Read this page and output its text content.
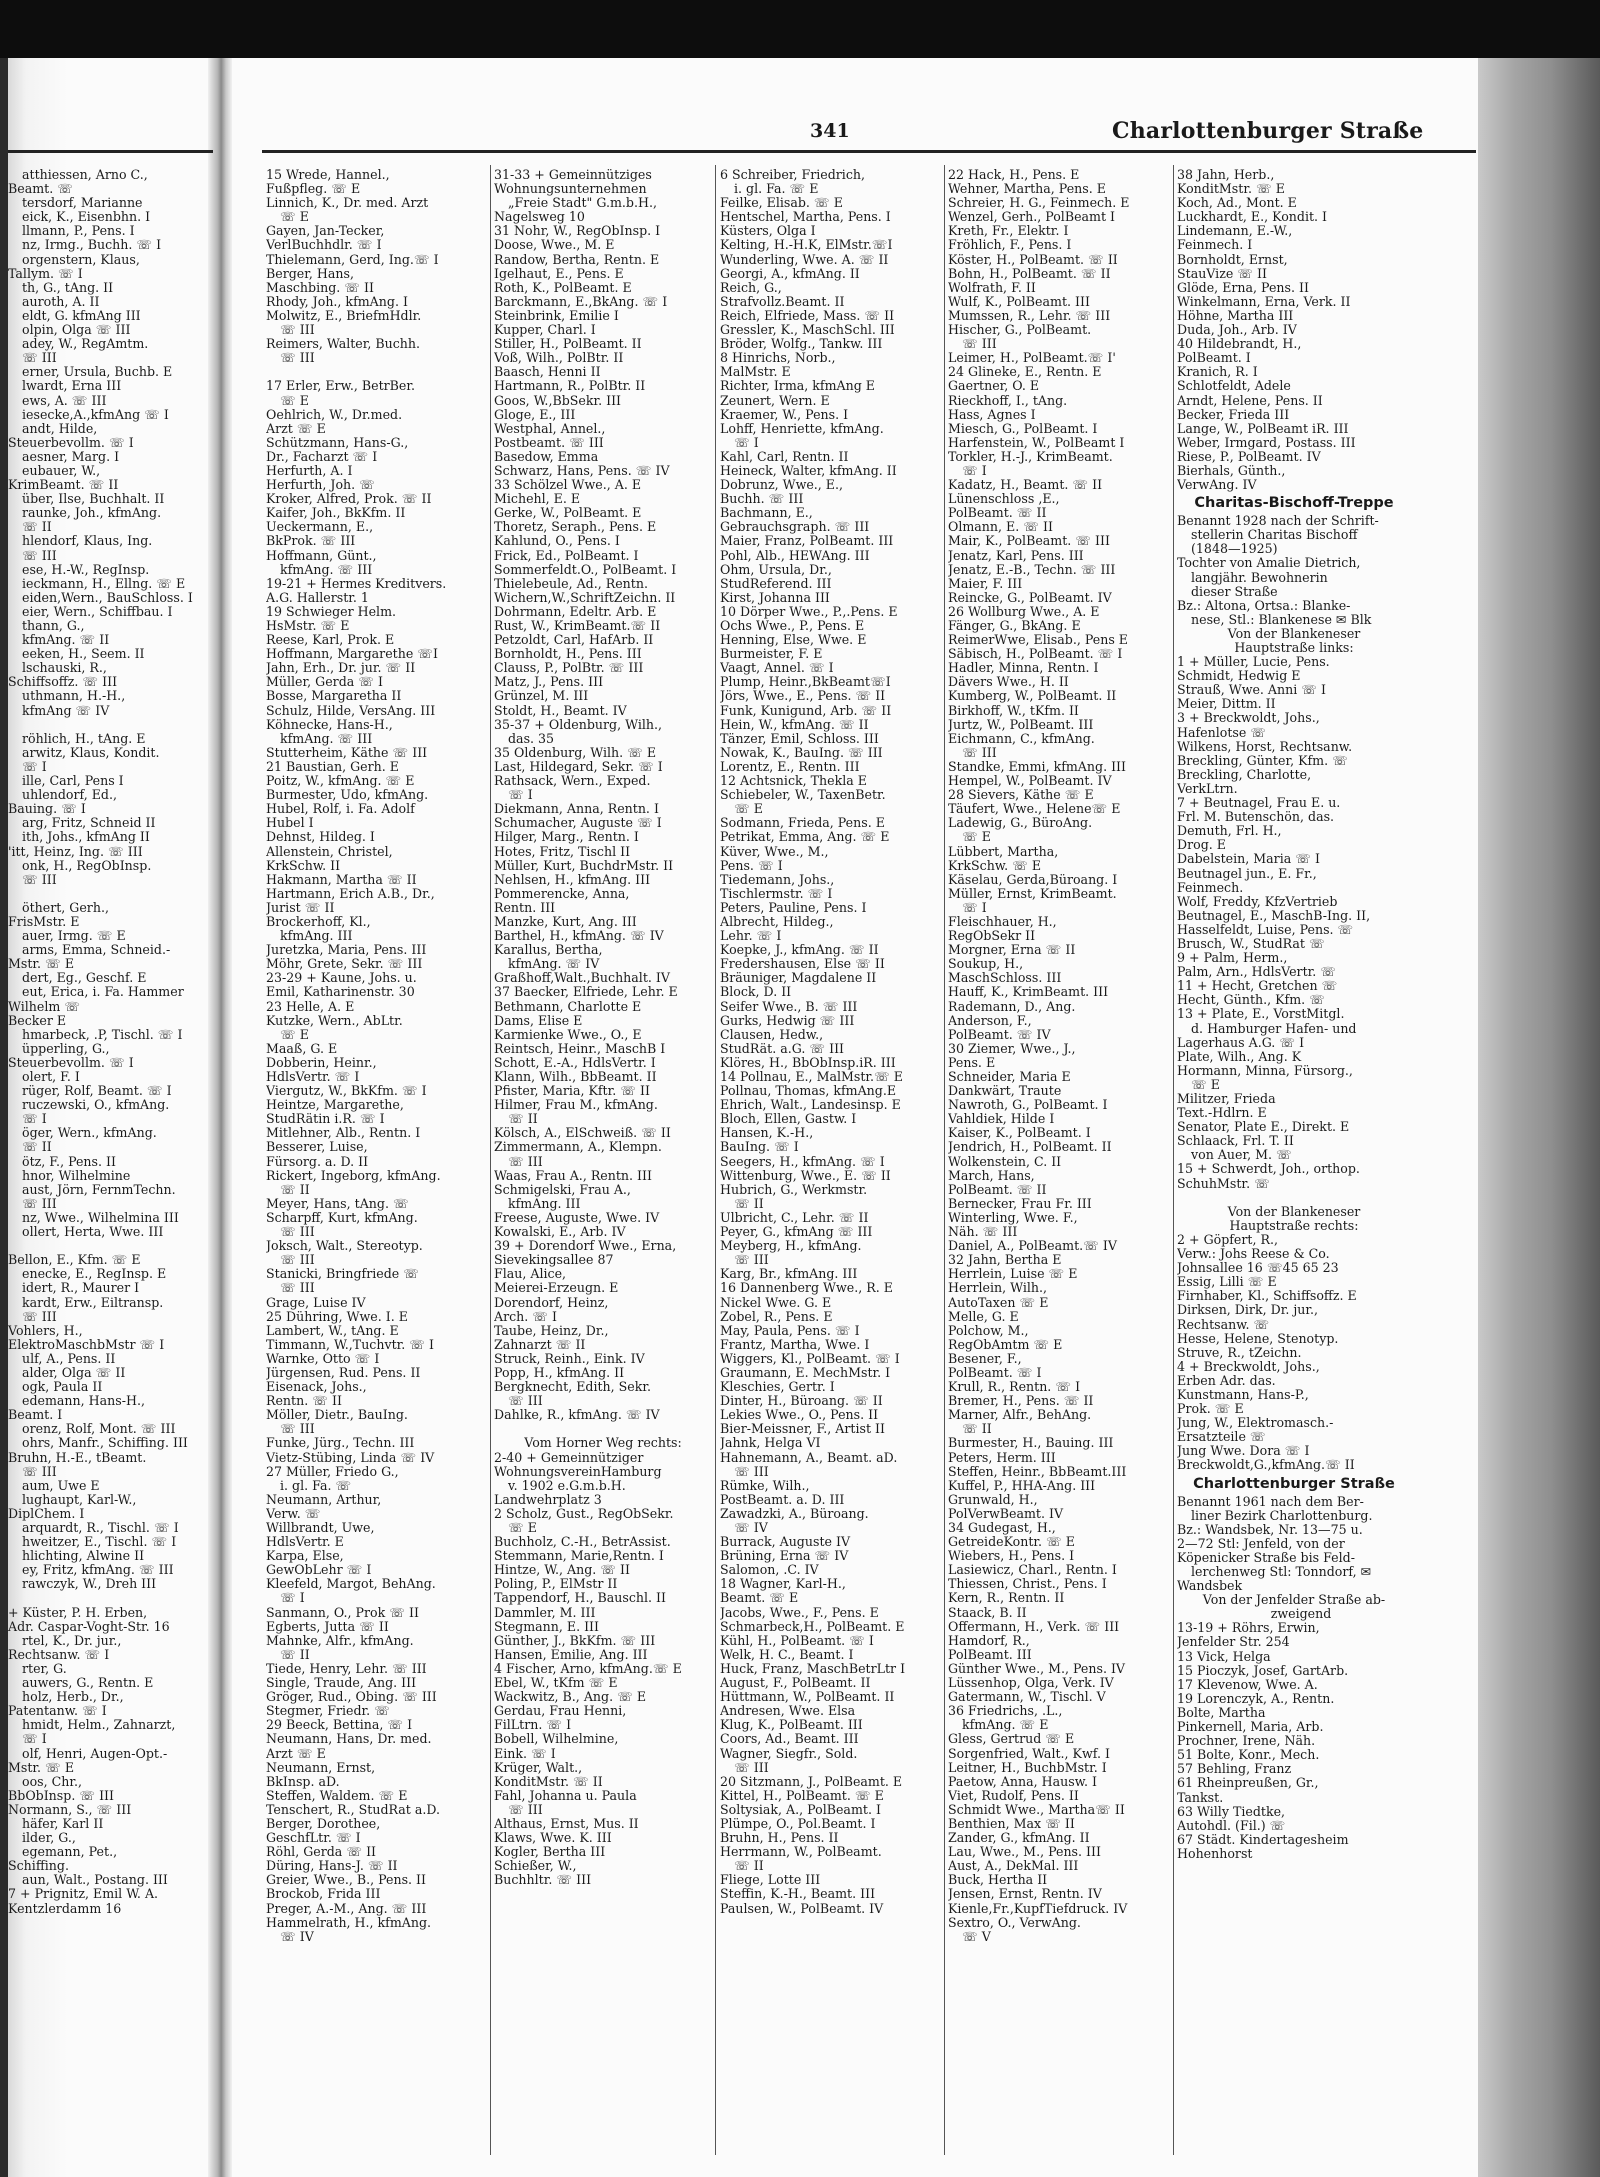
341	Charlottenburger Straße
atthiessen, Arno C.,
Beamt. ☏
tersdorf, Marianne
eick, K., Eisenbhn. I
llmann, P., Pens. I
nz, Irmg., Buchh. ☏ I
orgenstern, Klaus,
Tallym. ☏ I
th, G., tAng. II
auroth, A. II
eldt, G. kfmAng III
olpin, Olga ☏ III
adey, W., RegAmtm.
☏ III
erner, Ursula, Buchb. E
lwardt, Erna III
ews, A. ☏ III
iesecke,A.,kfmAng ☏ I
andt, Hilde,
Steuerbevollm. ☏ I
aesner, Marg. I
eubauer, W.,
KrimBeamt. ☏ II
über, Ilse, Buchhalt. II
raunke, Joh., kfmAng.
☏ II
hlendorf, Klaus, Ing.
☏ III
ese, H.-W., RegInsp.
ieckmann, H., Ellng. ☏ E
eiden,Wern., BauSchloss. I
eier, Wern., Schiffbau. I
thann, G.,
kfmAng. ☏ II
eeken, H., Seem. II
lschauski, R.,
Schiffsoffz. ☏ III
uthmann, H.-H.,
kfmAng ☏ IV
röhlich, H., tAng. E
arwitz, Klaus, Kondit.
☏ I
ille, Carl, Pens I
uhlendorf, Ed.,
Bauing. ☏ I
arg, Fritz, Schneid II
ith, Johs., kfmAng II
'itt, Heinz, Ing. ☏ III
onk, H., RegObInsp.
☏ III
öthert, Gerh.,
FrisMstr. E
auer, Irmg. ☏ E
arms, Emma, Schneid.-
Mstr. ☏ E
dert, Eg., Geschf. E
eut, Erica, i. Fa. Hammer
Wilhelm ☏
Becker E
hmarbeck, .P, Tischl. ☏ I
üpperling, G.,
Steuerbevollm. ☏ I
olert, F. I
rüger, Rolf, Beamt. ☏ I
ruczewski, O., kfmAng.
☏ I
öger, Wern., kfmAng.
☏ II
ötz, F., Pens. II
hnor, Wilhelmine
aust, Jörn, FernmTechn.
☏ III
nz, Wwe., Wilhelmina III
ollert, Herta, Wwe. III
Bellon, E., Kfm. ☏ E
enecke, E., RegInsp. E
idert, R., Maurer I
kardt, Erw., Eiltransp.
☏ III
Vohlers, H.,
ElektroMaschbMstr ☏ I
ulf, A., Pens. II
alder, Olga ☏ II
ogk, Paula II
edemann, Hans-H.,
Beamt. I
orenz, Rolf, Mont. ☏ III
ohrs, Manfr., Schiffing. III
Bruhn, H.-E., tBeamt.
☏ III
aum, Uwe E
lughaupt, Karl-W.,
DiplChem. I
arquardt, R., Tischl. ☏ I
hweitzer, E., Tischl. ☏ I
hlichting, Alwine II
ey, Fritz, kfmAng. ☏ III
rawczyk, W., Dreh III
+ Küster, P. H. Erben,
Adr. Caspar-Voght-Str. 16
rtel, K., Dr. jur.,
Rechtsanw. ☏ I
rter, G.
auwers, G., Rentn. E
holz, Herb., Dr.,
Patentanw. ☏ I
hmidt, Helm., Zahnarzt,
☏ I
olf, Henri, Augen-Opt.-
Mstr. ☏ E
oos, Chr.,
BbObInsp. ☏ III
Normann, S., ☏ III
häfer, Karl II
ilder, G.,
egemann, Pet.,
Schiffing.
aun, Walt., Postang. III
7 + Prignitz, Emil W. A.
Kentzlerdamm 16
15 Wrede, Hannel.,
Fußpfleg. ☏ E
Linnich, K., Dr. med. Arzt
☏ E
Gayen, Jan-Tecker,
VerlBuchhdlr. ☏ I
Thielemann, Gerd, Ing.☏ I
Berger, Hans,
Maschbing. ☏ II
Rhody, Joh., kfmAng. I
Molwitz, E., BriefmHdlr.
☏ III
Reimers, Walter, Buchh.
☏ III
17 Erler, Erw., BetrBer.
☏ E
Oehlrich, W., Dr.med.
Arzt ☏ E
Schützmann, Hans-G.,
Dr., Facharzt ☏ I
Herfurth, A. I
Herfurth, Joh. ☏
Kroker, Alfred, Prok. ☏ II
Kaifer, Joh., BkKfm. II
Ueckermann, E.,
BkProk. ☏ III
Hoffmann, Günt.,
kfmAng. ☏ III
19-21 + Hermes Kreditvers.
A.G. Hallerstr. 1
19 Schwieger Helm.
HsMstr. ☏ E
Reese, Karl, Prok. E
Hoffmann, Margarethe ☏I
Jahn, Erh., Dr. jur. ☏ II
Müller, Gerda ☏ I
Bosse, Margaretha II
Schulz, Hilde, VersAng. III
Köhnecke, Hans-H.,
kfmAng. ☏ III
Stutterheim, Käthe ☏ III
21 Baustian, Gerh. E
Poitz, W., kfmAng. ☏ E
Burmester, Udo, kfmAng.
Hubel, Rolf, i. Fa. Adolf
Hubel I
Dehnst, Hildeg. I
Allenstein, Christel,
KrkSchw. II
Hakmann, Martha ☏ II
Hartmann, Erich A.B., Dr.,
Jurist ☏ II
Brockerhoff, Kl.,
kfmAng. III
Juretzka, Maria, Pens. III
Möhr, Grete, Sekr. ☏ III
23-29 + Kaune, Johs. u.
Emil, Katharinenstr. 30
23 Helle, A. E
Kutzke, Wern., AbLtr.
☏ E
Maaß, G. E
Dobberin, Heinr.,
HdlsVertr. ☏ I
Viergutz, W., BkKfm. ☏ I
Heintze, Margarethe,
StudRätin i.R. ☏ I
Mitlehner, Alb., Rentn. I
Besserer, Luise,
Fürsorg. a. D. II
Rickert, Ingeborg, kfmAng.
☏ II
Meyer, Hans, tAng. ☏
Scharpff, Kurt, kfmAng.
☏ III
Joksch, Walt., Stereotyp.
☏ III
Stanicki, Bringfriede ☏
☏ III
Grage, Luise IV
25 Dühring, Wwe. I. E
Lambert, W., tAng. E
Timmann, W.,Tuchvtr. ☏ I
Warnke, Otto ☏ I
Jürgensen, Rud. Pens. II
Eisenack, Johs.,
Rentn. ☏ II
Möller, Dietr., BauIng.
☏ III
Funke, Jürg., Techn. III
Vietz-Stübing, Linda ☏ IV
27 Müller, Friedo G.,
i. gl. Fa. ☏
Neumann, Arthur,
Verw. ☏
Willbrandt, Uwe,
HdlsVertr. E
Karpa, Else,
GewObLehr ☏ I
Kleefeld, Margot, BehAng.
☏ I
Sanmann, O., Prok ☏ II
Egberts, Jutta ☏ II
Mahnke, Alfr., kfmAng.
☏ II
Tiede, Henry, Lehr. ☏ III
Single, Traude, Ang. III
Gröger, Rud., Obing. ☏ III
Stegmer, Friedr. ☏
29 Beeck, Bettina, ☏ I
Neumann, Hans, Dr. med.
Arzt ☏ E
Neumann, Ernst,
BkInsp. aD.
Steffen, Waldem. ☏ E
Tenschert, R., StudRat a.D.
Berger, Dorothee,
GeschfLtr. ☏ I
Röhl, Gerda ☏ II
Düring, Hans-J. ☏ II
Greier, Wwe., B., Pens. II
Brockob, Frida III
Preger, A.-M., Ang. ☏ III
Hammelrath, H., kfmAng.
☏ IV
31-33 + Gemeinnütziges
Wohnungsunternehmen
„Freie Stadt" G.m.b.H.,
Nagelsweg 10
31 Nohr, W., RegObInsp. I
Doose, Wwe., M. E
Randow, Bertha, Rentn. E
Igelhaut, E., Pens. E
Roth, K., PolBeamt. E
Barckmann, E.,BkAng. ☏ I
Steinbrink, Emilie I
Kupper, Charl. I
Stiller, H., PolBeamt. II
Voß, Wilh., PolBtr. II
Baasch, Henni II
Hartmann, R., PolBtr. II
Goos, W.,BbSekr. III
Gloge, E., III
Westphal, Annel.,
Postbeamt. ☏ III
Basedow, Emma
Schwarz, Hans, Pens. ☏ IV
33 Schölzel Wwe., A. E
Michehl, E. E
Gerke, W., PolBeamt. E
Thoretz, Seraph., Pens. E
Kahlund, O., Pens. I
Frick, Ed., PolBeamt. I
Sommerfeldt.O., PolBeamt. I
Thielebeule, Ad., Rentn.
Wichern,W.,SchriftZeichn. II
Dohrmann, Edeltr. Arb. E
Rust, W., KrimBeamt.☏ II
Petzoldt, Carl, HafArb. II
Bornholdt, H., Pens. III
Clauss, P., PolBtr. ☏ III
Matz, J., Pens. III
Grünzel, M. III
Stoldt, H., Beamt. IV
35-37 + Oldenburg, Wilh.,
das. 35
35 Oldenburg, Wilh. ☏ E
Last, Hildegard, Sekr. ☏ I
Rathsack, Wern., Exped.
☏ I
Diekmann, Anna, Rentn. I
Schumacher, Auguste ☏ I
Hilger, Marg., Rentn. I
Hotes, Fritz, Tischl II
Müller, Kurt, BuchdrMstr. II
Nehlsen, H., kfmAng. III
Pommerencke, Anna,
Rentn. III
Manzke, Kurt, Ang. III
Barthel, H., kfmAng. ☏ IV
Karallus, Bertha,
kfmAng. ☏ IV
Graßhoff,Walt.,Buchhalt. IV
37 Baecker, Elfriede, Lehr. E
Bethmann, Charlotte E
Dams, Elise E
Karmienke Wwe., O., E
Reintsch, Heinr., MaschB I
Schott, E.-A., HdlsVertr. I
Klann, Wilh., BbBeamt. II
Pfister, Maria, Kftr. ☏ II
Hilmer, Frau M., kfmAng.
☏ II
Kölsch, A., ElSchweiß. ☏ II
Zimmermann, A., Klempn.
☏ III
Waas, Frau A., Rentn. III
Schmigelski, Frau A.,
kfmAng. III
Freese, Auguste, Wwe. IV
Kowalski, E., Arb. IV
39 + Dorendorf Wwe., Erna,
Sievekingsallee 87
Flau, Alice,
Meierei-Erzeugn. E
Dorendorf, Heinz,
Arch. ☏ I
Taube, Heinz, Dr.,
Zahnarzt ☏ II
Struck, Reinh., Eink. IV
Popp, H., kfmAng. II
Bergknecht, Edith, Sekr.
☏ III
Dahlke, R., kfmAng. ☏ IV
Vom Horner Weg rechts:
2-40 + Gemeinnütziger
WohnungsvereinHamburg
v. 1902 e.G.m.b.H.
Landwehrplatz 3
2 Scholz, Gust., RegObSekr.
☏ E
Buchholz, C.-H., BetrAssist.
Stemmann, Marie,Rentn. I
Hintze, W., Ang. ☏ II
Poling, P., ElMstr II
Tappendorf, H., Bauschl. II
Dammler, M. III
Stegmann, E. III
Günther, J., BkKfm. ☏ III
Hansen, Emilie, Ang. III
4 Fischer, Arno, kfmAng.☏ E
Ebel, W., tKfm ☏ E
Wackwitz, B., Ang. ☏ E
Gerdau, Frau Henni,
FilLtrn. ☏ I
Bobell, Wilhelmine,
Eink. ☏ I
Krüger, Walt.,
KonditMstr. ☏ II
Fahl, Johanna u. Paula
☏ III
Althaus, Ernst, Mus. II
Klaws, Wwe. K. III
Kogler, Bertha III
Schießer, W.,
Buchhltr. ☏ III
6 Schreiber, Friedrich,
i. gl. Fa. ☏ E
Feilke, Elisab. ☏ E
Hentschel, Martha, Pens. I
Küsters, Olga I
Kelting, H.-H.K, ElMstr.☏I
Wunderling, Wwe. A. ☏ II
Georgi, A., kfmAng. II
Reich, G.,
Strafvollz.Beamt. II
Reich, Elfriede, Mass. ☏ II
Gressler, K., MaschSchl. III
Bröder, Wolfg., Tankw. III
8 Hinrichs, Norb.,
MalMstr. E
Richter, Irma, kfmAng E
Zeunert, Wern. E
Kraemer, W., Pens. I
Lohff, Henriette, kfmAng.
☏ I
Kahl, Carl, Rentn. II
Heineck, Walter, kfmAng. II
Dobrunz, Wwe., E.,
Buchh. ☏ III
Bachmann, E.,
Gebrauchsgraph. ☏ III
Maier, Franz, PolBeamt. III
Pohl, Alb., HEWAng. III
Ohm, Ursula, Dr.,
StudReferend. III
Kirst, Johanna III
10 Dörper Wwe., P.,.Pens. E
Ochs Wwe., P., Pens. E
Henning, Else, Wwe. E
Burmeister, F. E
Vaagt, Annel. ☏ I
Plump, Heinr.,BkBeamt☏I
Jörs, Wwe., E., Pens. ☏ II
Funk, Kunigund, Arb. ☏ II
Hein, W., kfmAng. ☏ II
Tänzer, Emil, Schloss. III
Nowak, K., BauIng. ☏ III
Lorentz, E., Rentn. III
12 Achtsnick, Thekla E
Schiebeler, W., TaxenBetr.
☏ E
Sodmann, Frieda, Pens. E
Petrikat, Emma, Ang. ☏ E
Küver, Wwe., M.,
Pens. ☏ I
Tiedemann, Johs.,
Tischlermstr. ☏ I
Peters, Pauline, Pens. I
Albrecht, Hildeg.,
Lehr. ☏ I
Koepke, J., kfmAng. ☏ II
Fredershausen, Else ☏ II
Bräuniger, Magdalene II
Block, D. II
Seifer Wwe., B. ☏ III
Gurks, Hedwig ☏ III
Clausen, Hedw.,
StudRät. a.G. ☏ III
Klöres, H., BbObInsp.iR. III
14 Pollnau, E., MalMstr.☏ E
Pollnau, Thomas, kfmAng.E
Ehrich, Walt., Landesinsp. E
Bloch, Ellen, Gastw. I
Hansen, K.-H.,
BauIng. ☏ I
Seegers, H., kfmAng. ☏ I
Wittenburg, Wwe., E. ☏ II
Hubrich, G., Werkmstr.
☏ II
Ulbricht, C., Lehr. ☏ II
Peyer, G., kfmAng ☏ III
Meyberg, H., kfmAng.
☏ III
Karg, Br., kfmAng. III
16 Dannenberg Wwe., R. E
Nickel Wwe. G. E
Zobel, R., Pens. E
May, Paula, Pens. ☏ I
Frantz, Martha, Wwe. I
Wiggers, Kl., PolBeamt. ☏ I
Graumann, E. MechMstr. I
Kleschies, Gertr. I
Dinter, H., Büroang. ☏ II
Lekies Wwe., O., Pens. II
Bier-Meissner, F., Artist II
Jahnk, Helga VI
Hahnemann, A., Beamt. aD.
☏ III
Rümke, Wilh.,
PostBeamt. a. D. III
Zawadzki, A., Büroang.
☏ IV
Burrack, Auguste IV
Brüning, Erna ☏ IV
Salomon, .C. IV
18 Wagner, Karl-H.,
Beamt. ☏ E
Jacobs, Wwe., F., Pens. E
Schmarbeck,H., PolBeamt. E
Kühl, H., PolBeamt. ☏ I
Welk, H. C., Beamt. I
Huck, Franz, MaschBetrLtr I
August, F., PolBeamt. II
Hüttmann, W., PolBeamt. II
Andresen, Wwe. Elsa
Klug, K., PolBeamt. III
Coors, Ad., Beamt. III
Wagner, Siegfr., Sold.
☏ III
20 Sitzmann, J., PolBeamt. E
Kittel, H., PolBeamt. ☏ E
Soltysiak, A., PolBeamt. I
Plümpe, O., Pol.Beamt. I
Bruhn, H., Pens. II
Herrmann, W., PolBeamt.
☏ II
Fliege, Lotte III
Steffin, K.-H., Beamt. III
Paulsen, W., PolBeamt. IV
22 Hack, H., Pens. E
Wehner, Martha, Pens. E
Schreier, H. G., Feinmech. E
Wenzel, Gerh., PolBeamt I
Kreth, Fr., Elektr. I
Fröhlich, F., Pens. I
Köster, H., PolBeamt. ☏ II
Bohn, H., PolBeamt. ☏ II
Wolfrath, F. II
Wulf, K., PolBeamt. III
Mumssen, R., Lehr. ☏ III
Hischer, G., PolBeamt.
☏ III
Leimer, H., PolBeamt.☏ I'
24 Glineke, E., Rentn. E
Gaertner, O. E
Rieckhoff, I., tAng.
Hass, Agnes I
Miesch, G., PolBeamt. I
Harfenstein, W., PolBeamt I
Torkler, H.-J., KrimBeamt.
☏ I
Kadatz, H., Beamt. ☏ II
Lünenschloss ,E.,
PolBeamt. ☏ II
Olmann, E. ☏ II
Mair, K., PolBeamt. ☏ III
Jenatz, Karl, Pens. III
Jenatz, E.-B., Techn. ☏ III
Maier, F. III
Reincke, G., PolBeamt. IV
26 Wollburg Wwe., A. E
Fänger, G., BkAng. E
ReimerWwe, Elisab., Pens E
Säbisch, H., PolBeamt. ☏ I
Hadler, Minna, Rentn. I
Dävers Wwe., H. II
Kumberg, W., PolBeamt. II
Birkhoff, W., tKfm. II
Jurtz, W., PolBeamt. III
Eichmann, C., kfmAng.
☏ III
Standke, Emmi, kfmAng. III
Hempel, W., PolBeamt. IV
28 Sievers, Käthe ☏ E
Täufert, Wwe., Helene☏ E
Ladewig, G., BüroAng.
☏ E
Lübbert, Martha,
KrkSchw. ☏ E
Käselau, Gerda,Büroang. I
Müller, Ernst, KrimBeamt.
☏ I
Fleischhauer, H.,
RegObSekr II
Morgner, Erna ☏ II
Soukup, H.,
MaschSchloss. III
Hauff, K., KrimBeamt. III
Rademann, D., Ang.
Anderson, F.,
PolBeamt. ☏ IV
30 Ziemer, Wwe., J.,
Pens. E
Schneider, Maria E
Dankwärt, Traute
Nawroth, G., PolBeamt. I
Vahldiek, Hilde I
Kaiser, K., PolBeamt. I
Jendrich, H., PolBeamt. II
Wolkenstein, C. II
March, Hans,
PolBeamt. ☏ II
Bernecker, Frau Fr. III
Winterling, Wwe. F.,
Näh. ☏ III
Daniel, A., PolBeamt.☏ IV
32 Jahn, Bertha E
Herrlein, Luise ☏ E
Herrlein, Wilh.,
AutoTaxen ☏ E
Melle, G. E
Polchow, M.,
RegObAmtm ☏ E
Besener, F.,
PolBeamt. ☏ I
Krull, R., Rentn. ☏ I
Bremer, H., Pens. ☏ II
Marner, Alfr., BehAng.
☏ II
Burmester, H., Bauing. III
Peters, Herm. III
Steffen, Heinr., BbBeamt.III
Kuffel, P., HHA-Ang. III
Grunwald, H.,
PolVerwBeamt. IV
34 Gudegast, H.,
GetreideKontr. ☏ E
Wiebers, H., Pens. I
Lasiewicz, Charl., Rentn. I
Thiessen, Christ., Pens. I
Kern, R., Rentn. II
Staack, B. II
Offermann, H., Verk. ☏ III
Hamdorf, R.,
PolBeamt. III
Günther Wwe., M., Pens. IV
Lüssenhop, Olga, Verk. IV
Gatermann, W., Tischl. V
36 Friedrichs, .L.,
kfmAng. ☏ E
Gless, Gertrud ☏ E
Sorgenfried, Walt., Kwf. I
Leitner, H., BuchbMstr. I
Paetow, Anna, Hausw. I
Viet, Rudolf, Pens. II
Schmidt Wwe., Martha☏ II
Benthien, Max ☏ II
Zander, G., kfmAng. II
Lau, Wwe., M., Pens. III
Aust, A., DekMal. III
Buck, Hertha II
Jensen, Ernst, Rentn. IV
Kienle,Fr.,KupfTiefdruck. IV
Sextro, O., VerwAng.
☏ V
38 Jahn, Herb.,
KonditMstr. ☏ E
Koch, Ad., Mont. E
Luckhardt, E., Kondit. I
Lindemann, E.-W.,
Feinmech. I
Bornholdt, Ernst,
StauVize ☏ II
Glöde, Erna, Pens. II
Winkelmann, Erna, Verk. II
Höhne, Martha III
Duda, Joh., Arb. IV
40 Hildebrandt, H.,
PolBeamt. I
Kranich, R. I
Schlotfeldt, Adele
Arndt, Helene, Pens. II
Becker, Frieda III
Lange, W., PolBeamt iR. III
Weber, Irmgard, Postass. III
Riese, P., PolBeamt. IV
Bierhals, Günth.,
VerwAng. IV
Charitas-Bischoff-Treppe
Benannt 1928 nach der Schrift-
stellerin Charitas Bischoff
(1848—1925)
Tochter von Amalie Dietrich,
langjähr. Bewohnerin
dieser Straße
Bz.: Altona, Ortsa.: Blanke-
nese, Stl.: Blankenese ✉ Blk
Von der Blankeneser
Hauptstraße links:
1 + Müller, Lucie, Pens.
Schmidt, Hedwig E
Strauß, Wwe. Anni ☏ I
Meier, Dittm. II
3 + Breckwoldt, Johs.,
Hafenlotse ☏
Wilkens, Horst, Rechtsanw.
Breckling, Günter, Kfm. ☏
Breckling, Charlotte,
VerkLtrn.
7 + Beutnagel, Frau E. u.
Frl. M. Butenschön, das.
Demuth, Frl. H.,
Drog. E
Dabelstein, Maria ☏ I
Beutnagel jun., E. Fr.,
Feinmech.
Wolf, Freddy, KfzVertrieb
Beutnagel, E., MaschB-Ing. II,
Hasselfeldt, Luise, Pens. ☏
Brusch, W., StudRat ☏
9 + Palm, Herm.,
Palm, Arn., HdlsVertr. ☏
11 + Hecht, Gretchen ☏
Hecht, Günth., Kfm. ☏
13 + Plate, E., VorstMitgl.
d. Hamburger Hafen- und
Lagerhaus A.G. ☏ I
Plate, Wilh., Ang. K
Hormann, Minna, Fürsorg.,
☏ E
Militzer, Frieda
Text.-Hdlrn. E
Senator, Plate E., Direkt. E
Schlaack, Frl. T. II
von Auer, M. ☏
15 + Schwerdt, Joh., orthop.
SchuhMstr. ☏
Von der Blankeneser
Hauptstraße rechts:
2 + Göpfert, R.,
Verw.: Johs Reese & Co.
Johnsallee 16 ☏45 65 23
Essig, Lilli ☏ E
Firnhaber, Kl., Schiffsoffz. E
Dirksen, Dirk, Dr. jur.,
Rechtsanw. ☏
Hesse, Helene, Stenotyp.
Struve, R., tZeichn.
4 + Breckwoldt, Johs.,
Erben Adr. das.
Kunstmann, Hans-P.,
Prok. ☏ E
Jung, W., Elektromasch.-
Ersatzteile ☏
Jung Wwe. Dora ☏ I
Breckwoldt,G.,kfmAng.☏ II
Charlottenburger Straße
Benannt 1961 nach dem Ber-
liner Bezirk Charlottenburg.
Bz.: Wandsbek, Nr. 13—75 u.
2—72 Stl: Jenfeld, von der
Köpenicker Straße bis Feld-
lerchenweg Stl: Tonndorf, ✉
Wandsbek
Von der Jenfelder Straße ab-
zweigend
13-19 + Röhrs, Erwin,
Jenfelder Str. 254
13 Vick, Helga
15 Pioczyk, Josef, GartArb.
17 Klevenow, Wwe. A.
19 Lorenczyk, A., Rentn.
Bolte, Martha
Pinkernell, Maria, Arb.
Prochner, Irene, Näh.
51 Bolte, Konr., Mech.
57 Behling, Franz
61 Rheinpreußen, Gr.,
Tankst.
63 Willy Tiedtke,
Autohdl. (Fil.) ☏
67 Städt. Kindertagesheim
Hohenhorst
